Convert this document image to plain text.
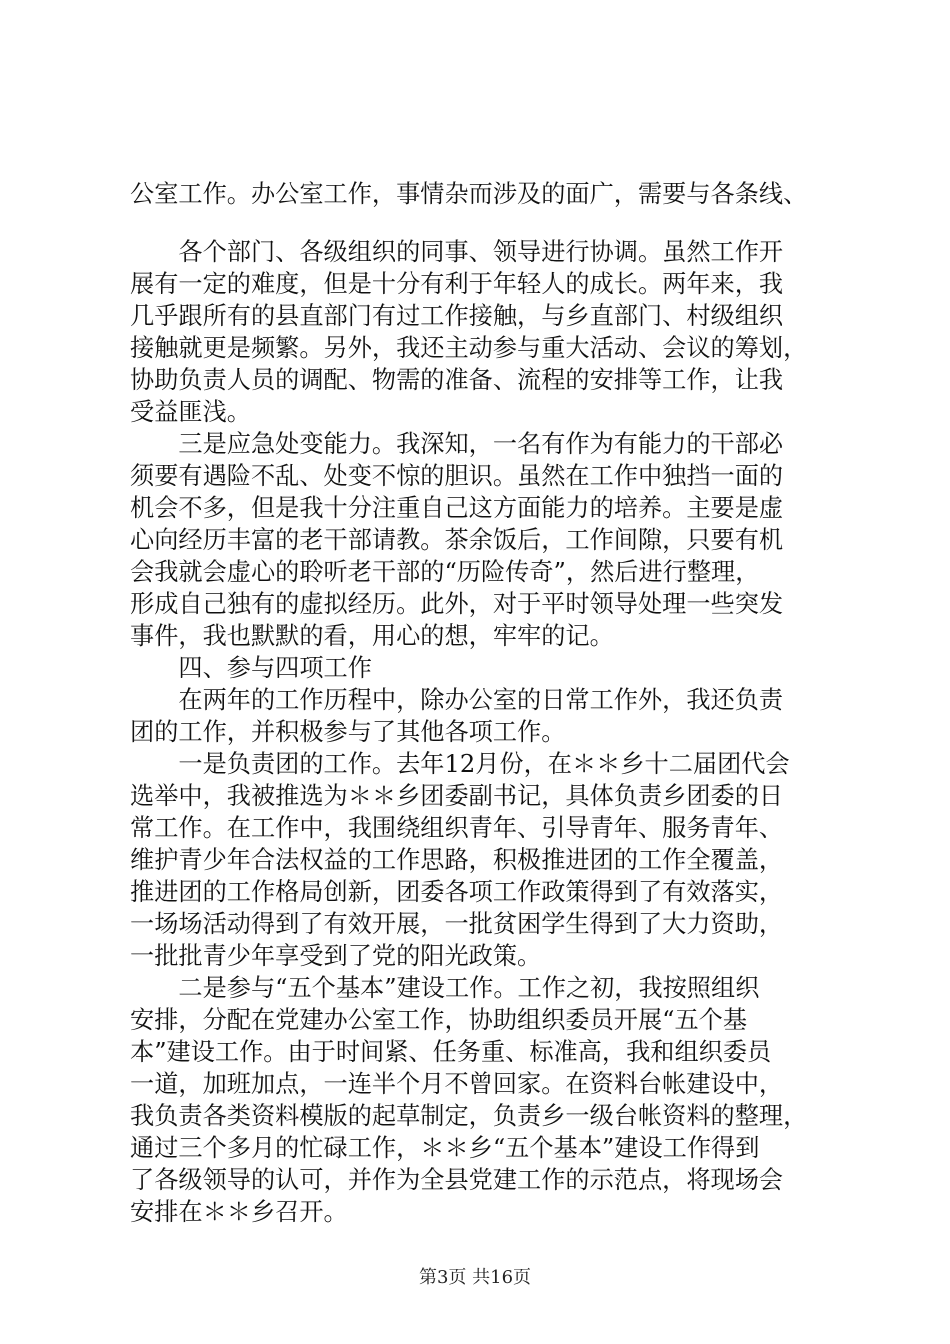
公室工作。办公室工作，事情杂而涉及的面广，需要与各条线、

　　各个部门、各级组织的同事、领导进行协调。虽然工作开

展有一定的难度，但是十分有利于年轻人的成长。两年来，我

几乎跟所有的县直部门有过工作接触，与乡直部门、村级组织

接触就更是频繁。另外，我还主动参与重大活动、会议的筹划，

协助负责人员的调配、物需的准备、流程的安排等工作，让我

受益匪浅。

　　三是应急处变能力。我深知，一名有作为有能力的干部必

须要有遇险不乱、处变不惊的胆识。虽然在工作中独挡一面的

机会不多，但是我十分注重自己这方面能力的培养。主要是虚

心向经历丰富的老干部请教。茶余饭后，工作间隙，只要有机

会我就会虚心的聆听老干部的“历险传奇”，然后进行整理，

形成自己独有的虚拟经历。此外，对于平时领导处理一些突发

事件，我也默默的看，用心的想，牢牢的记。

　　四、参与四项工作

　　在两年的工作历程中，除办公室的日常工作外，我还负责

团的工作，并积极参与了其他各项工作。

　　一是负责团的工作。去年12月份，在＊＊乡十二届团代会

选举中，我被推选为＊＊乡团委副书记，具体负责乡团委的日

常工作。在工作中，我围绕组织青年、引导青年、服务青年、

维护青少年合法权益的工作思路，积极推进团的工作全覆盖，

推进团的工作格局创新，团委各项工作政策得到了有效落实，

一场场活动得到了有效开展，一批贫困学生得到了大力资助，

一批批青少年享受到了党的阳光政策。

　　二是参与“五个基本”建设工作。工作之初，我按照组织

安排，分配在党建办公室工作，协助组织委员开展“五个基

本”建设工作。由于时间紧、任务重、标准高，我和组织委员

一道，加班加点，一连半个月不曾回家。在资料台帐建设中，

我负责各类资料模版的起草制定，负责乡一级台帐资料的整理，

通过三个多月的忙碌工作，＊＊乡“五个基本”建设工作得到

了各级领导的认可，并作为全县党建工作的示范点，将现场会

安排在＊＊乡召开。

第3页 共16页
